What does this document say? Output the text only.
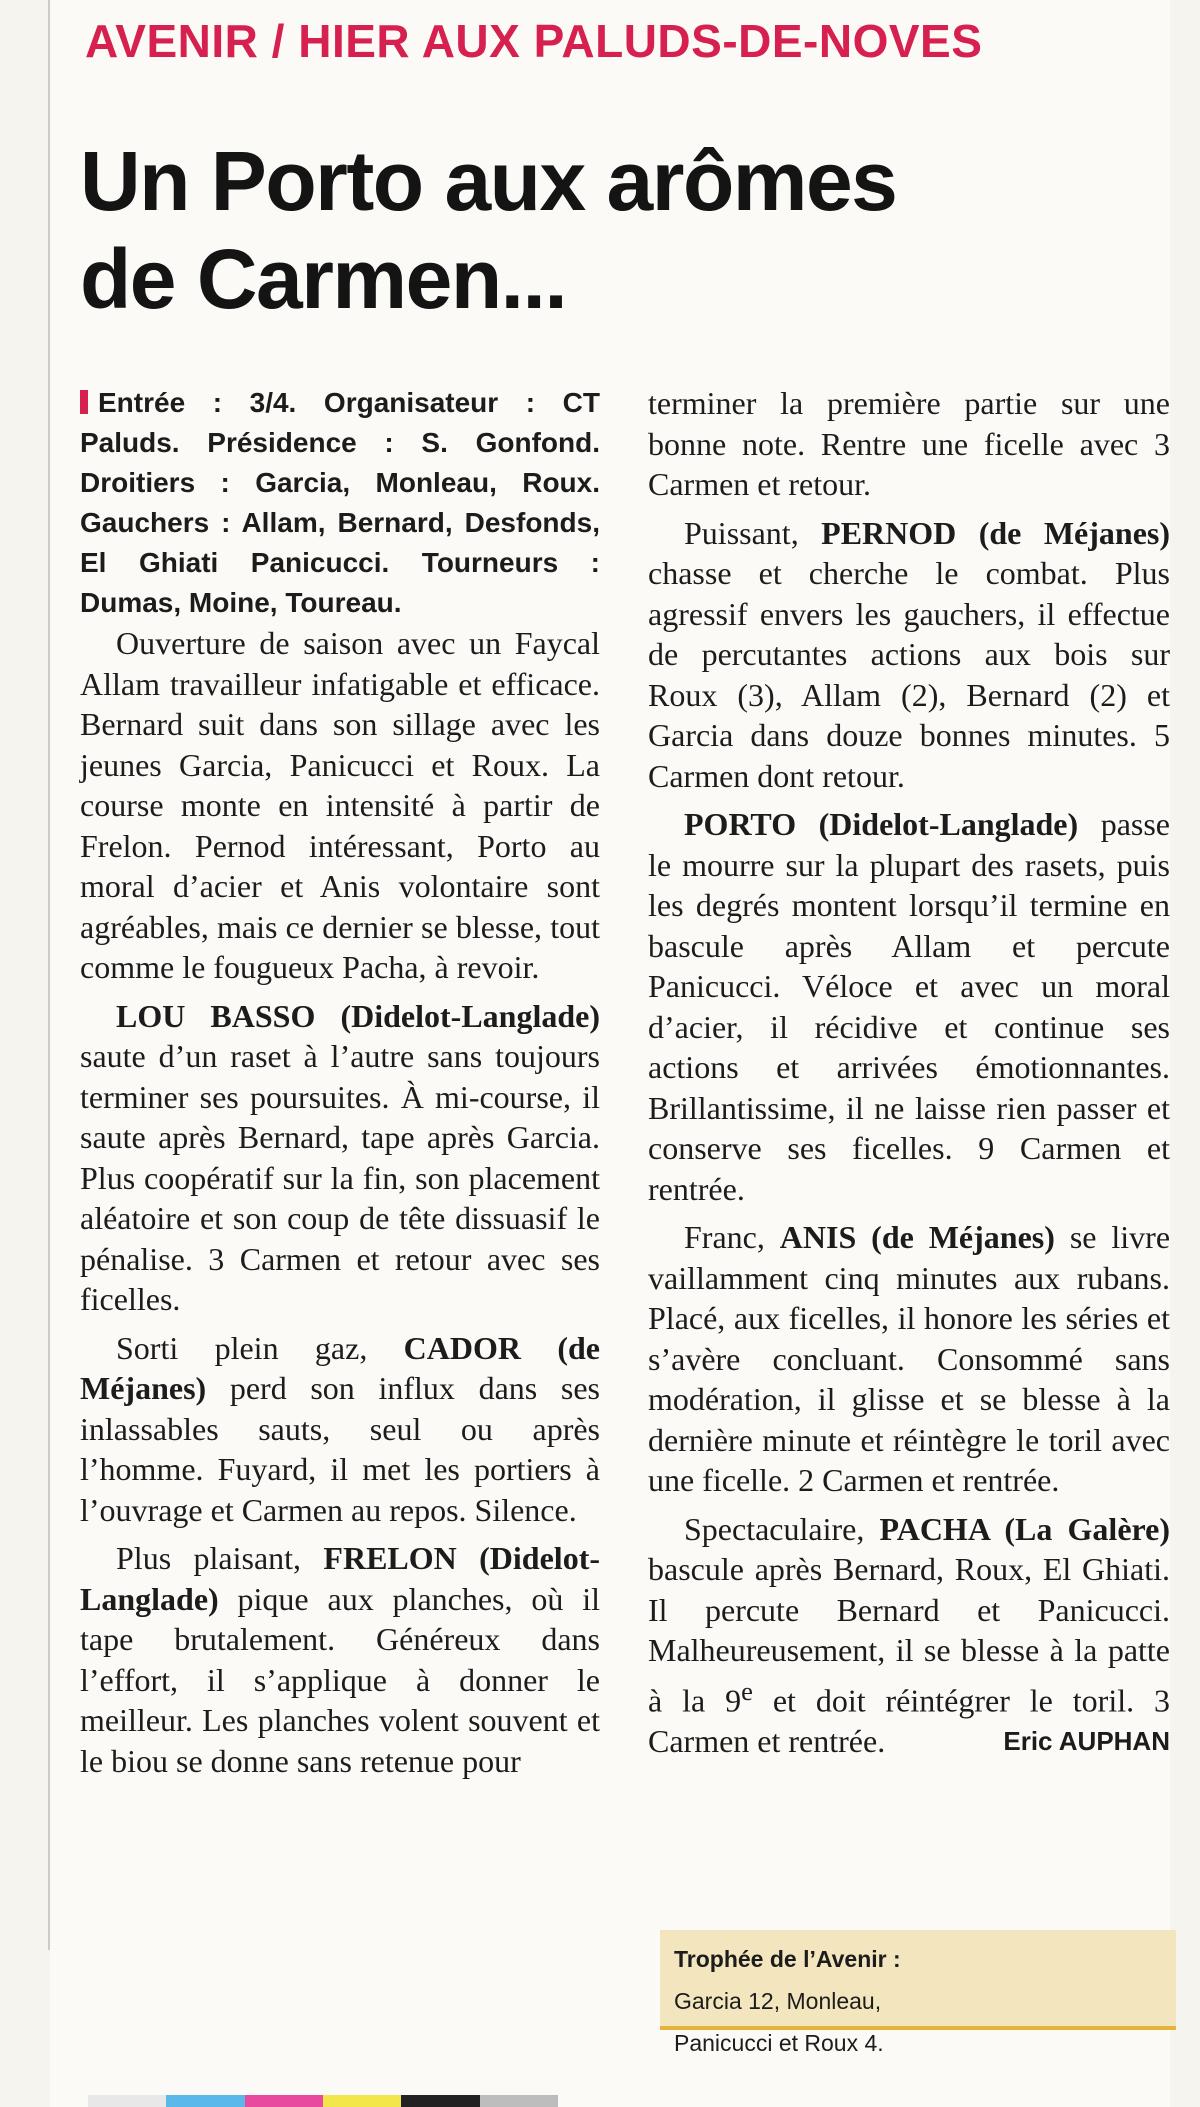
AVENIR / HIER AUX PALUDS-DE-NOVES
Un Porto aux arômes
de Carmen...

Entrée : 3/4. Organisateur : CT Paluds. Présidence : S. Gonfond. Droitiers : Garcia, Monleau, Roux. Gauchers : Allam, Bernard, Desfonds, El Ghiati Panicucci. Tourneurs : Dumas, Moine, Toureau.

Ouverture de saison avec un Faycal Allam travailleur infatigable et efficace. Bernard suit dans son sillage avec les jeunes Garcia, Panicucci et Roux. La course monte en intensité à partir de Frelon. Pernod intéressant, Porto au moral d’acier et Anis volontaire sont agréables, mais ce dernier se blesse, tout comme le fougueux Pacha, à revoir.

LOU BASSO (Didelot-Langlade) saute d’un raset à l’autre sans toujours terminer ses poursuites. À mi-course, il saute après Bernard, tape après Garcia. Plus coopératif sur la fin, son placement aléatoire et son coup de tête dissuasif le pénalise. 3 Carmen et retour avec ses ficelles.

Sorti plein gaz, CADOR (de Méjanes) perd son influx dans ses inlassables sauts, seul ou après l’homme. Fuyard, il met les portiers à l’ouvrage et Carmen au repos. Silence.

Plus plaisant, FRELON (Didelot-Langlade) pique aux planches, où il tape brutalement. Généreux dans l’effort, il s’applique à donner le meilleur. Les planches volent souvent et le biou se donne sans retenue pour

terminer la première partie sur une bonne note. Rentre une ficelle avec 3 Carmen et retour.

Puissant, PERNOD (de Méjanes) chasse et cherche le combat. Plus agressif envers les gauchers, il effectue de percutantes actions aux bois sur Roux (3), Allam (2), Bernard (2) et Garcia dans douze bonnes minutes. 5 Carmen dont retour.

PORTO (Didelot-Langlade) passe le mourre sur la plupart des rasets, puis les degrés montent lorsqu’il termine en bascule après Allam et percute Panicucci. Véloce et avec un moral d’acier, il récidive et continue ses actions et arrivées émotionnantes. Brillantissime, il ne laisse rien passer et conserve ses ficelles. 9 Carmen et rentrée.

Franc, ANIS (de Méjanes) se livre vaillamment cinq minutes aux rubans. Placé, aux ficelles, il honore les séries et s’avère concluant. Consommé sans modération, il glisse et se blesse à la dernière minute et réintègre le toril avec une ficelle. 2 Carmen et rentrée.

Spectaculaire, PACHA (La Galère) bascule après Bernard, Roux, El Ghiati. Il percute Bernard et Panicucci. Malheureusement, il se blesse à la patte à la 9e et doit réintégrer le toril. 3 Carmen et rentrée.	Eric AUPHAN
Trophée de l’Avenir :
Garcia 12, Monleau,
Panicucci et Roux 4.
